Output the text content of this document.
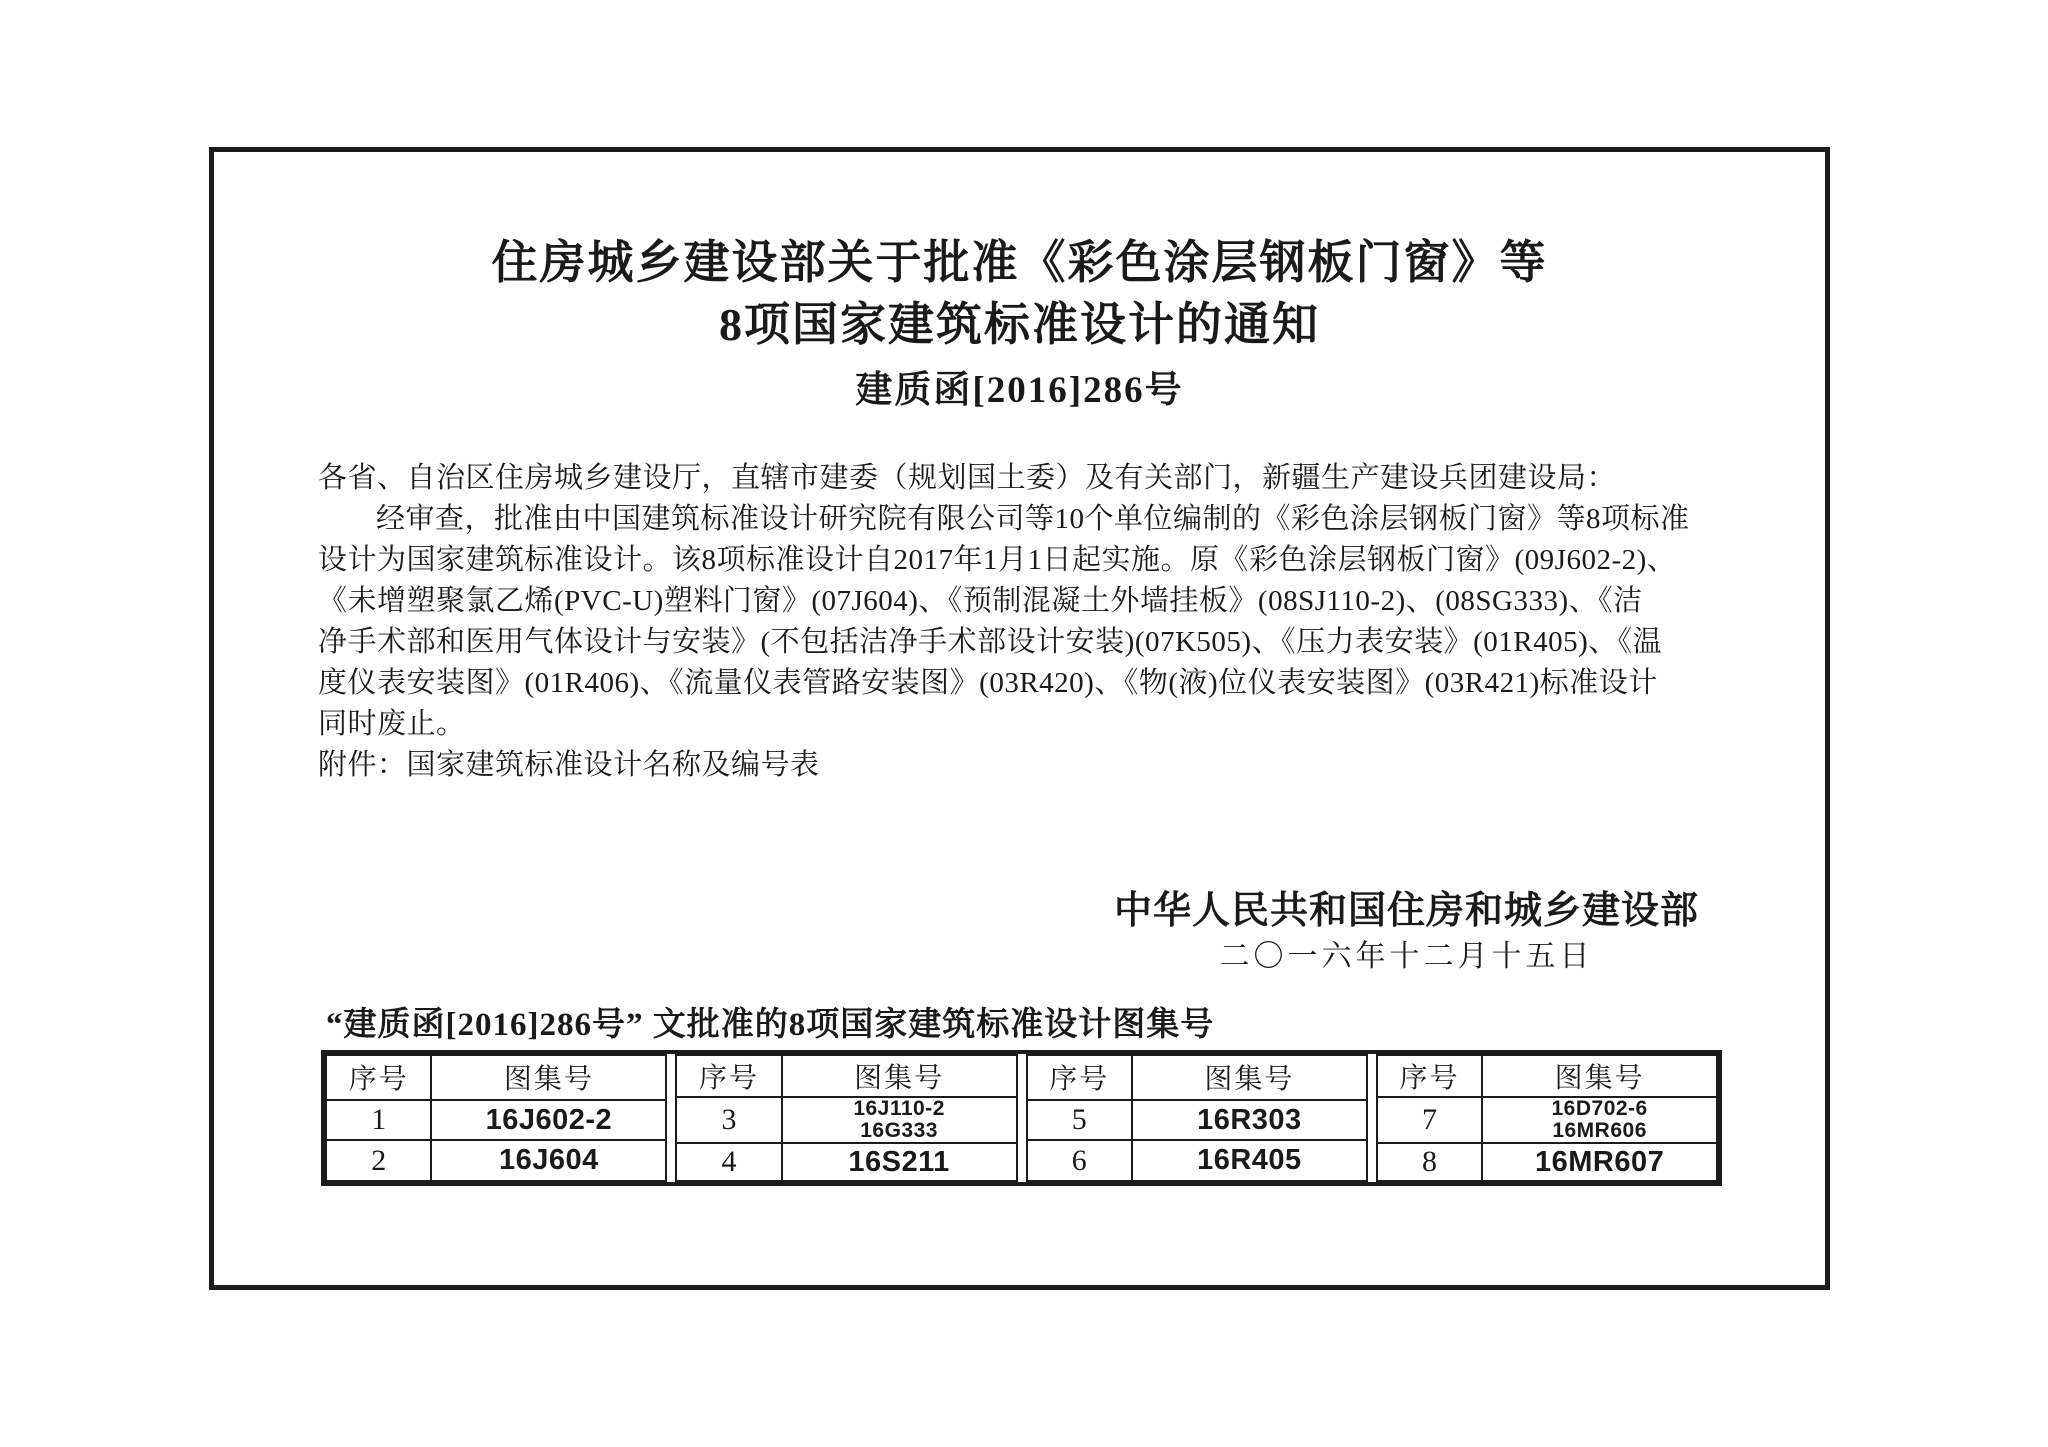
住房城乡建设部关于批准《彩色涂层钢板门窗》等
8项国家建筑标准设计的通知
建质函[2016]286号
各省、自治区住房城乡建设厅，直辖市建委（规划国土委）及有关部门，新疆生产建设兵团建设局：
经审查，批准由中国建筑标准设计研究院有限公司等10个单位编制的《彩色涂层钢板门窗》等8项标准
设计为国家建筑标准设计。该8项标准设计自2017年1月1日起实施。原《彩色涂层钢板门窗》(09J602-2)、
《未增塑聚氯乙烯(PVC-U)塑料门窗》(07J604)、《预制混凝土外墙挂板》(08SJ110-2)、(08SG333)、《洁
净手术部和医用气体设计与安装》(不包括洁净手术部设计安装)(07K505)、《压力表安装》(01R405)、《温
度仪表安装图》(01R406)、《流量仪表管路安装图》(03R420)、《物(液)位仪表安装图》(03R421)标准设计
同时废止。
附件：国家建筑标准设计名称及编号表
中华人民共和国住房和城乡建设部
二〇一六年十二月十五日
“建质函[2016]286号” 文批准的8项国家建筑标准设计图集号
序号	图集号
1	16J602-2
2	16J604
序号	图集号
3	16J110-2
16G333

4	16S211
序号	图集号
5	16R303
6	16R405
序号	图集号
7	16D702-6
16MR606

8	16MR607
